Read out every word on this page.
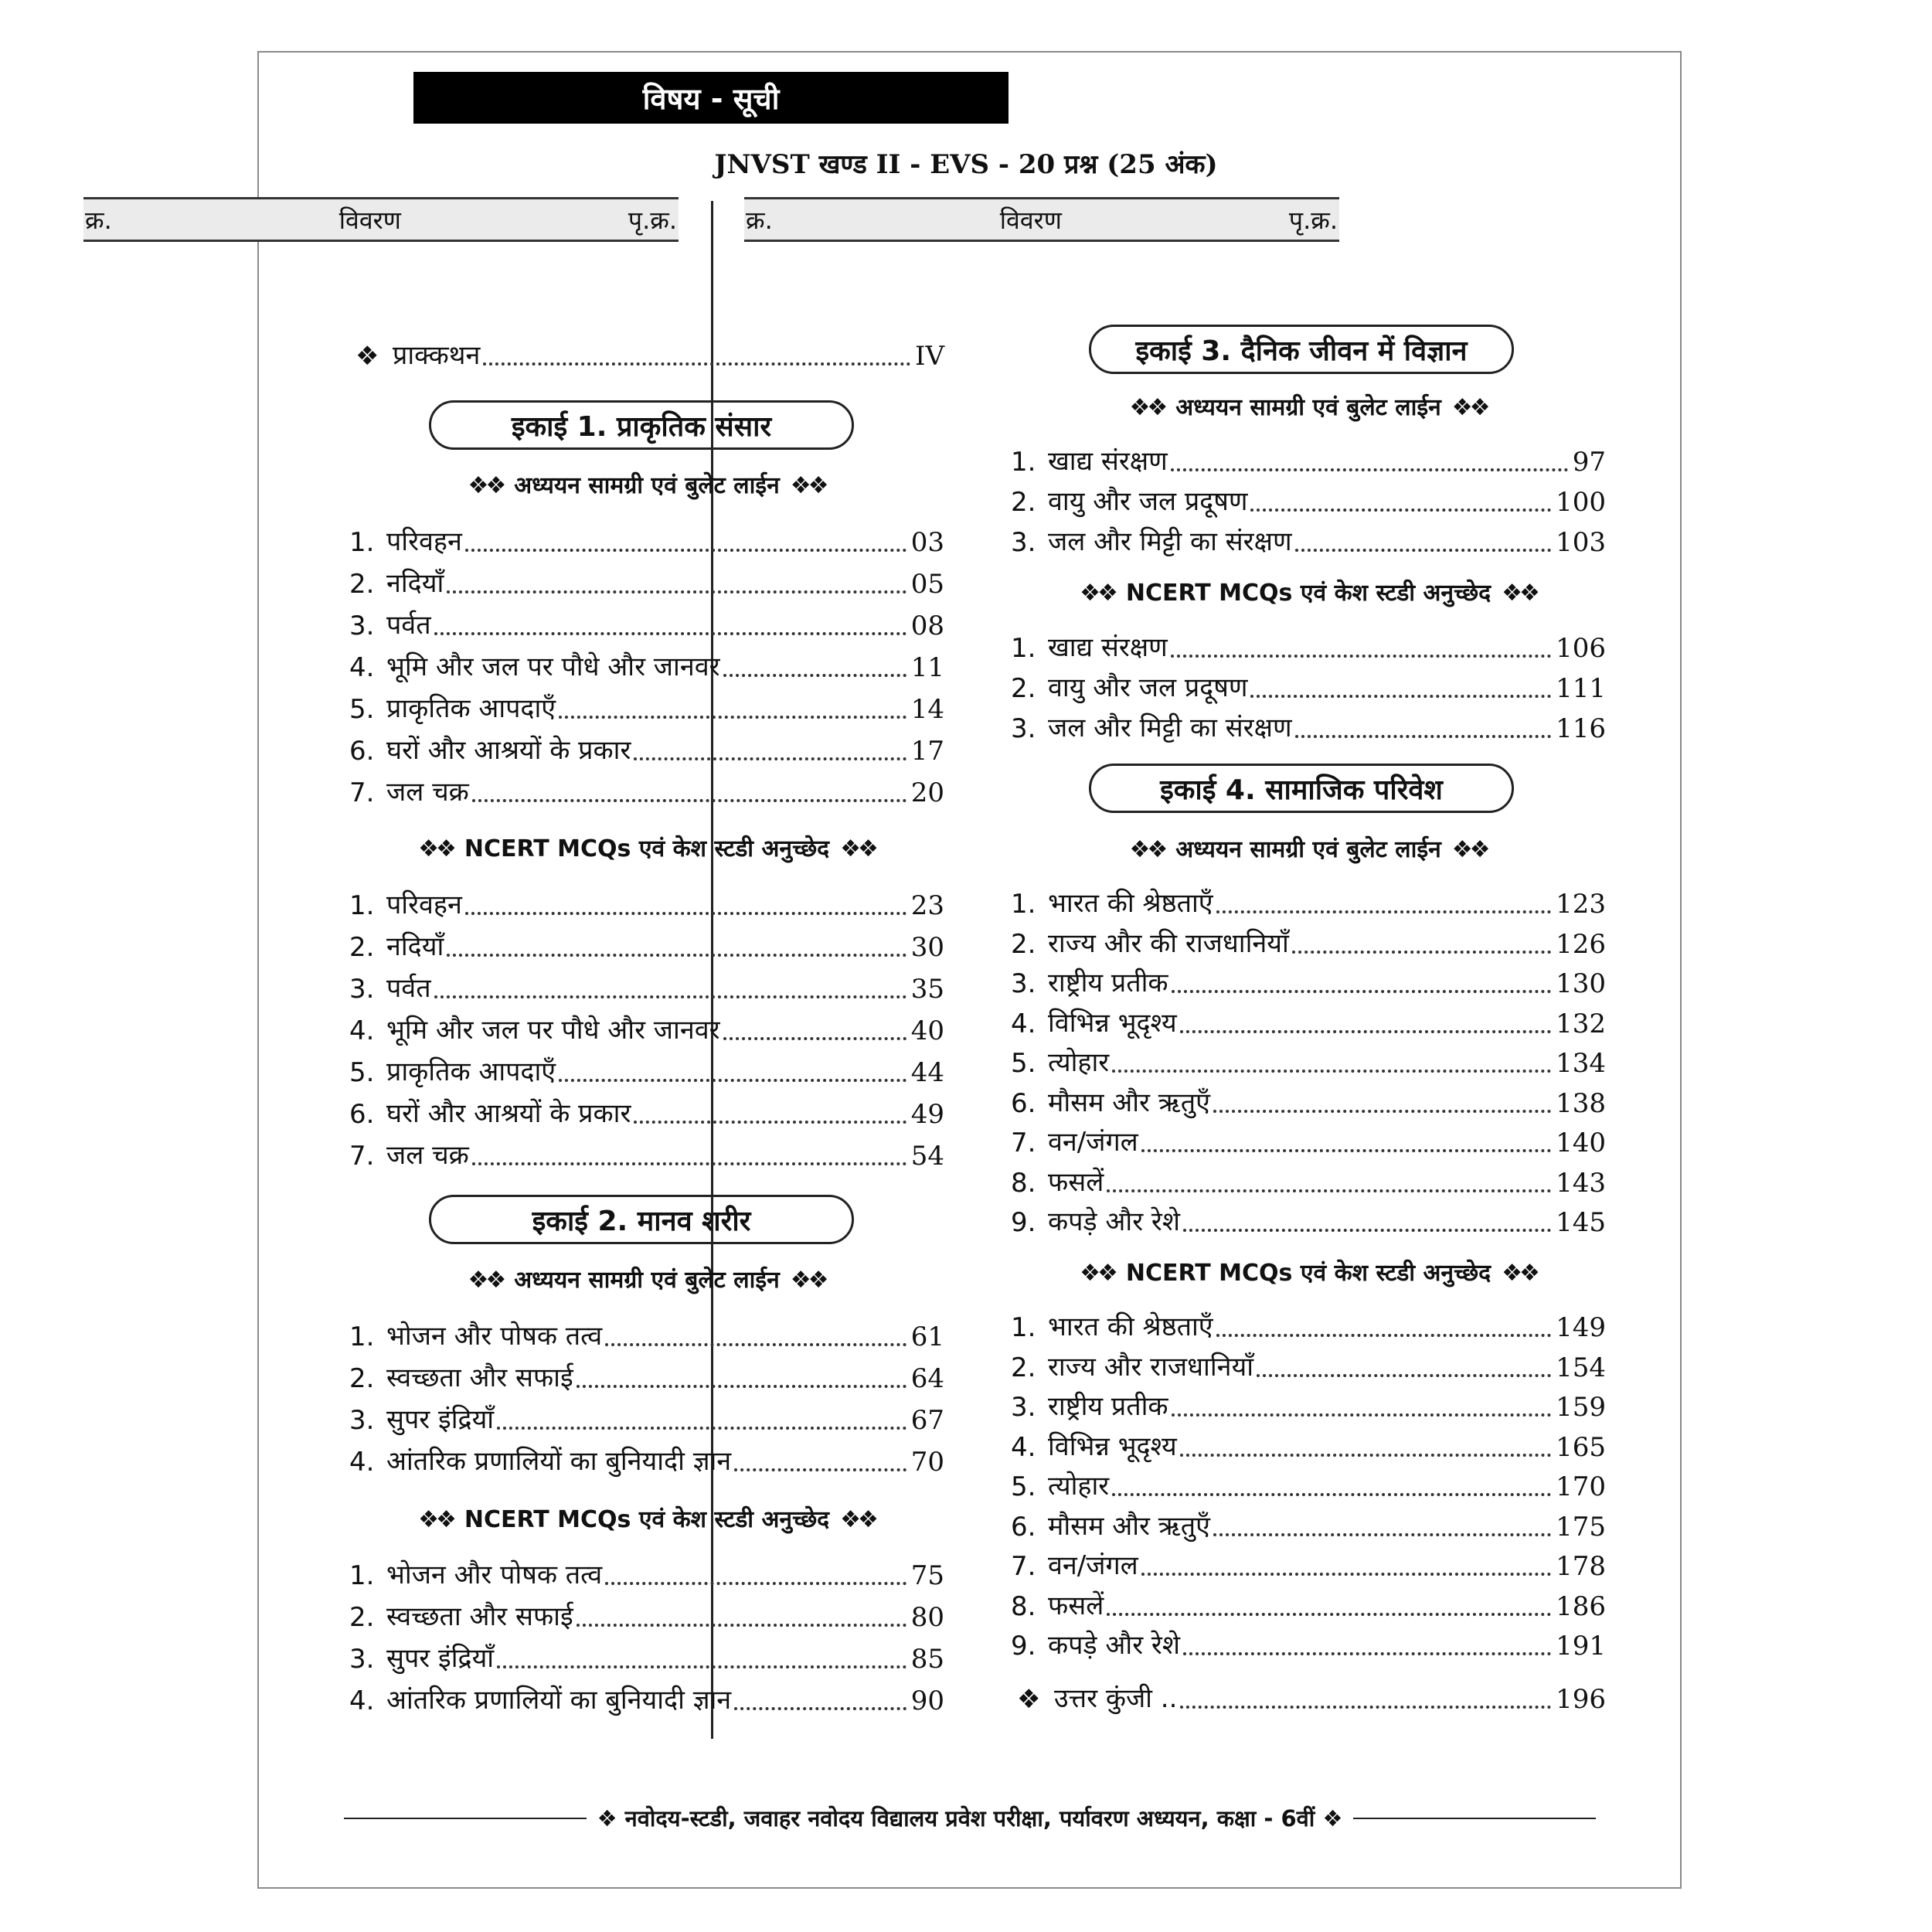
विषय - सूची
JNVST खण्ड II - EVS - 20 प्रश्न (25 अंक)
क्र.	विवरण	पृ.क्र.	क्र.	विवरण	पृ.क्र.
❖ प्राक्कथन	IV
इकाई 1. प्राकृतिक संसार
❖❖ अध्ययन सामग्री एवं बुलेट लाईन ❖❖
1. परिवहन	03
2. नदियाँ	05
3. पर्वत	08
4. भूमि और जल पर पौधे और जानवर	11
5. प्राकृतिक आपदाएँ	14
6. घरों और आश्रयों के प्रकार	17
7. जल चक्र	20
❖❖ NCERT MCQs एवं केश स्टडी अनुच्छेद ❖❖
1. परिवहन	23
2. नदियाँ	30
3. पर्वत	35
4. भूमि और जल पर पौधे और जानवर	40
5. प्राकृतिक आपदाएँ	44
6. घरों और आश्रयों के प्रकार	49
7. जल चक्र	54
इकाई 2. मानव शरीर
❖❖ अध्ययन सामग्री एवं बुलेट लाईन ❖❖
1. भोजन और पोषक तत्व	61
2. स्वच्छता और सफाई	64
3. सुपर इंद्रियाँ	67
4. आंतरिक प्रणालियों का बुनियादी ज्ञान	70
❖❖ NCERT MCQs एवं केश स्टडी अनुच्छेद ❖❖
1. भोजन और पोषक तत्व	75
2. स्वच्छता और सफाई	80
3. सुपर इंद्रियाँ	85
4. आंतरिक प्रणालियों का बुनियादी ज्ञान	90
इकाई 3. दैनिक जीवन में विज्ञान
❖❖ अध्ययन सामग्री एवं बुलेट लाईन ❖❖
1. खाद्य संरक्षण	97
2. वायु और जल प्रदूषण	100
3. जल और मिट्टी का संरक्षण	103
❖❖ NCERT MCQs एवं केश स्टडी अनुच्छेद ❖❖
1. खाद्य संरक्षण	106
2. वायु और जल प्रदूषण	111
3. जल और मिट्टी का संरक्षण	116
इकाई 4. सामाजिक परिवेश
❖❖ अध्ययन सामग्री एवं बुलेट लाईन ❖❖
1. भारत की श्रेष्ठताएँ	123
2. राज्य और की राजधानियाँ	126
3. राष्ट्रीय प्रतीक	130
4. विभिन्न भूदृश्य	132
5. त्योहार	134
6. मौसम और ऋतुएँ	138
7. वन/जंगल	140
8. फसलें	143
9. कपड़े और रेशे	145
❖❖ NCERT MCQs एवं केश स्टडी अनुच्छेद ❖❖
1. भारत की श्रेष्ठताएँ	149
2. राज्य और राजधानियाँ	154
3. राष्ट्रीय प्रतीक	159
4. विभिन्न भूदृश्य	165
5. त्योहार	170
6. मौसम और ऋतुएँ	175
7. वन/जंगल	178
8. फसलें	186
9. कपड़े और रेशे	191
❖ उत्तर कुंजी ..	196
❖ नवोदय-स्टडी, जवाहर नवोदय विद्यालय प्रवेश परीक्षा, पर्यावरण अध्ययन, कक्षा - 6वीं ❖
